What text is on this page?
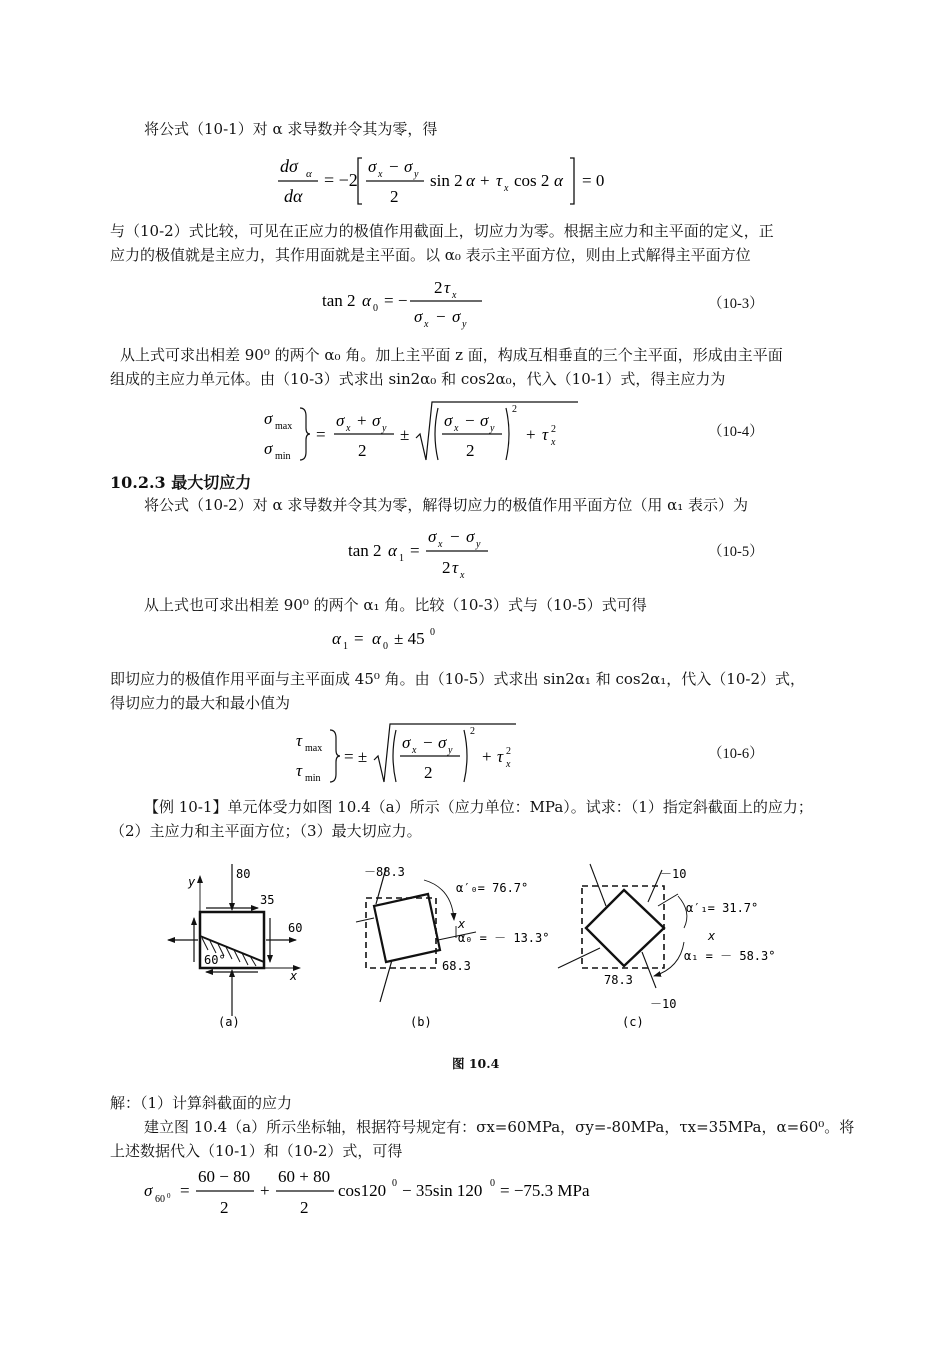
将公式（10-1）对 α 求导数并令其为零，得
dσ α
dα
= −2
σ x − σ y
2
sin 2 α + τ x cos 2 α = 0
与（10-2）式比较，可见在正应力的极值作用截面上，切应力为零。根据主应力和主平面的定义，正
应力的极值就是主应力，其作用面就是主平面。以 α₀ 表示主平面方位，则由上式解得主平面方位
tan 2 α 0 = −
2 τ x
σ x − σ y
（10-3）
从上式可求出相差 90⁰ 的两个 α₀ 角。加上主平面 z 面，构成互相垂直的三个主平面，形成由主平面
组成的主应力单元体。由（10-3）式求出 sin2α₀ 和 cos2α₀，代入（10-1）式，得主应力为
σ max
σ min
=
σ x + σ y
2
±
σ x − σ y
2
2
+ τ 2
x
（10-4）
10.2.3 最大切应力
将公式（10-2）对 α 求导数并令其为零，解得切应力的极值作用平面方位（用 α₁ 表示）为
tan 2 α 1 =
σ x − σ y
2 τ x
（10-5）
从上式也可求出相差 90⁰ 的两个 α₁ 角。比较（10-3）式与（10-5）式可得
α 1 = α 0 ± 45 0
即切应力的极值作用平面与主平面成 45⁰ 角。由（10-5）式求出 sin2α₁ 和 cos2α₁，代入（10-2）式，
得切应力的最大和最小值为
τ max
τ min
= ±
σ x − σ y
2
2
+ τ 2
x
（10-6）
【例 10-1】单元体受力如图 10.4（a）所示（应力单位：MPa）。试求：（1）指定斜截面上的应力；
（2）主应力和主平面方位；（3）最大切应力。
80
35
60
60°
y
x
(a)
－88.3
α′₀= 76.7°
x
α₀ = － 13.3°
68.3
(b)
－10
α′₁= 31.7°
x
α₁ = － 58.3°
78.3
－10
(c)
图 10.4
解：（1）计算斜截面的应力
建立图 10.4（a）所示坐标轴，根据符号规定有：σx=60MPa，σy=-80MPa，τx=35MPa，α=60⁰。将
上述数据代入（10-1）和（10-2）式，可得
σ 60 0 =
60 − 80
2
+
60 + 80
2
cos120 0 − 35sin 120 0 = −75.3 MPa
